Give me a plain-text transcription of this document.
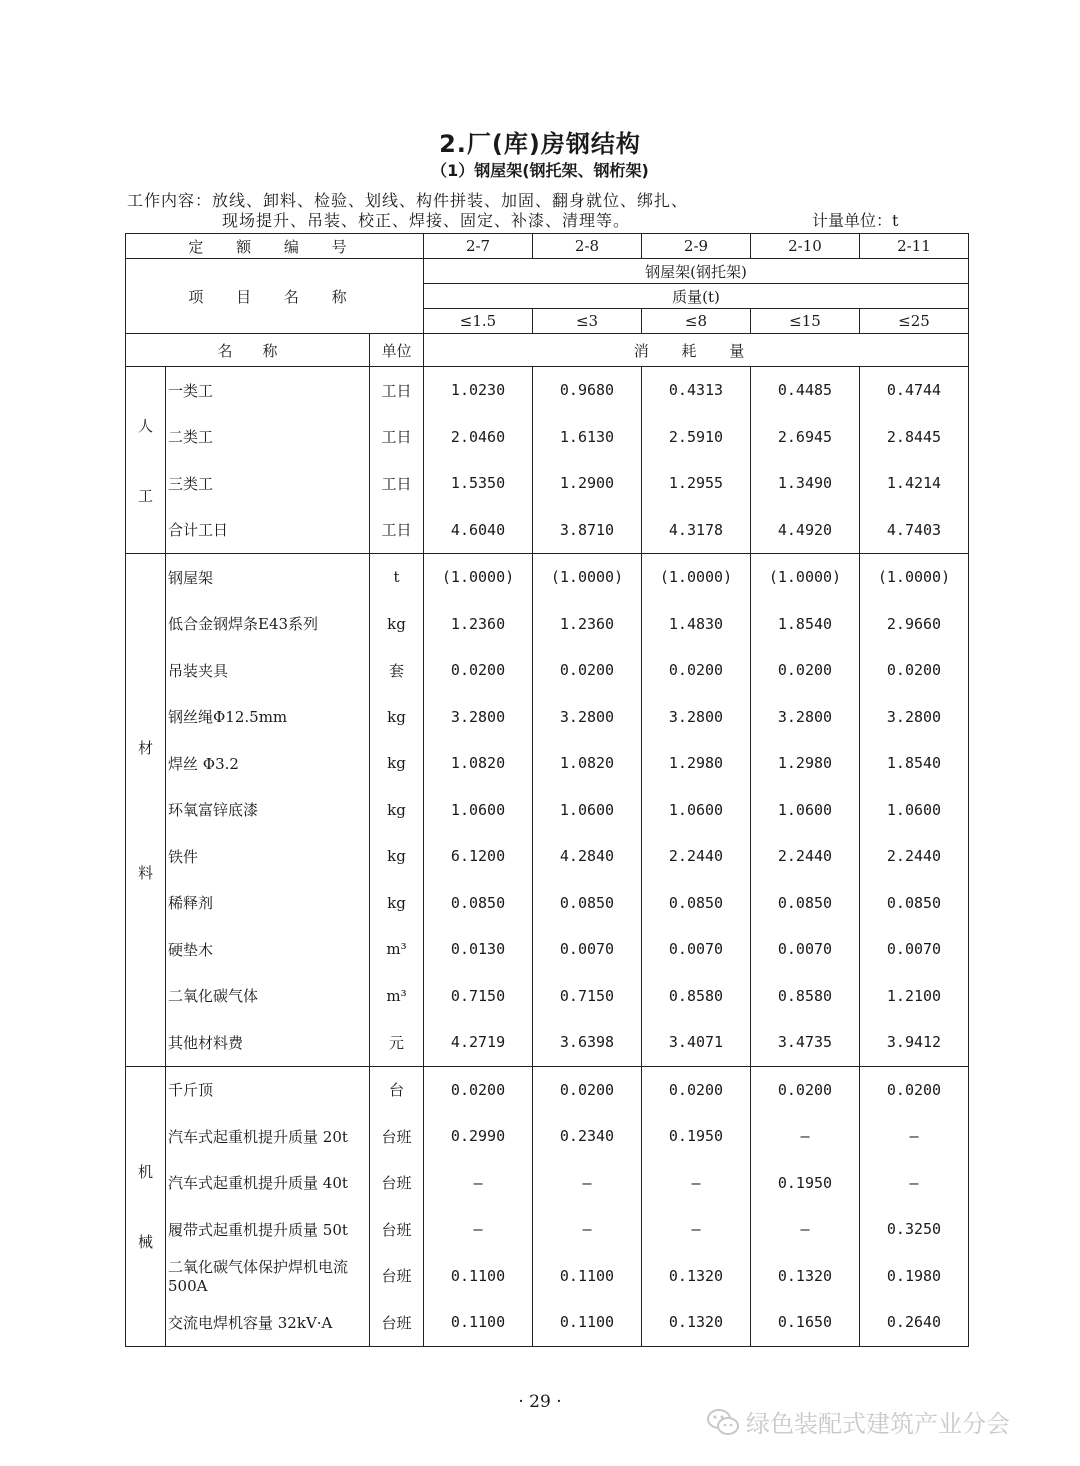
2.厂(库)房钢结构
（1）钢屋架(钢托架、钢桁架)
工作内容：放线、卸料、检验、划线、构件拼装、加固、翻身就位、绑扎、
现场提升、吊装、校正、焊接、固定、补漆、清理等。	计量单位：t
定 额 编 号			2-7	2-8	2-9	2-10	2-11
项 目 名 称			钢屋架(钢托架)				
			质量(t)				
			≤1.5	≤3	≤8	≤15	≤25
名　　称		单位	消 耗 量				

人
工	一类工	工日	1.0230	0.9680	0.4313	0.4485	0.4744
	二类工	工日	2.0460	1.6130	2.5910	2.6945	2.8445
	三类工	工日	1.5350	1.2900	1.2955	1.3490	1.4214
	合计工日	工日	4.6040	3.8710	4.3178	4.4920	4.7403

材
料	钢屋架	t	(1.0000)	(1.0000)	(1.0000)	(1.0000)	(1.0000)
	低合金钢焊条E43系列	kg	1.2360	1.2360	1.4830	1.8540	2.9660
	吊装夹具	套	0.0200	0.0200	0.0200	0.0200	0.0200
	钢丝绳Φ12.5mm	kg	3.2800	3.2800	3.2800	3.2800	3.2800
	焊丝 Φ3.2	kg	1.0820	1.0820	1.2980	1.2980	1.8540
	环氧富锌底漆	kg	1.0600	1.0600	1.0600	1.0600	1.0600
	铁件	kg	6.1200	4.2840	2.2440	2.2440	2.2440
	稀释剂	kg	0.0850	0.0850	0.0850	0.0850	0.0850
	硬垫木	m³	0.0130	0.0070	0.0070	0.0070	0.0070
	二氧化碳气体	m³	0.7150	0.7150	0.8580	0.8580	1.2100
	其他材料费	元	4.2719	3.6398	3.4071	3.4735	3.9412

机
械	千斤顶	台	0.0200	0.0200	0.0200	0.0200	0.0200
	汽车式起重机提升质量 20t	台班	0.2990	0.2340	0.1950	—	—
	汽车式起重机提升质量 40t	台班	—	—	—	0.1950	—
	履带式起重机提升质量 50t	台班	—	—	—	—	0.3250
	二氧化碳气体保护焊机电流500A	台班	0.1100	0.1100	0.1320	0.1320	0.1980
	交流电焊机容量 32kV·A	台班	0.1100	0.1100	0.1320	0.1650	0.2640
· 29 ·
绿色装配式建筑产业分会
